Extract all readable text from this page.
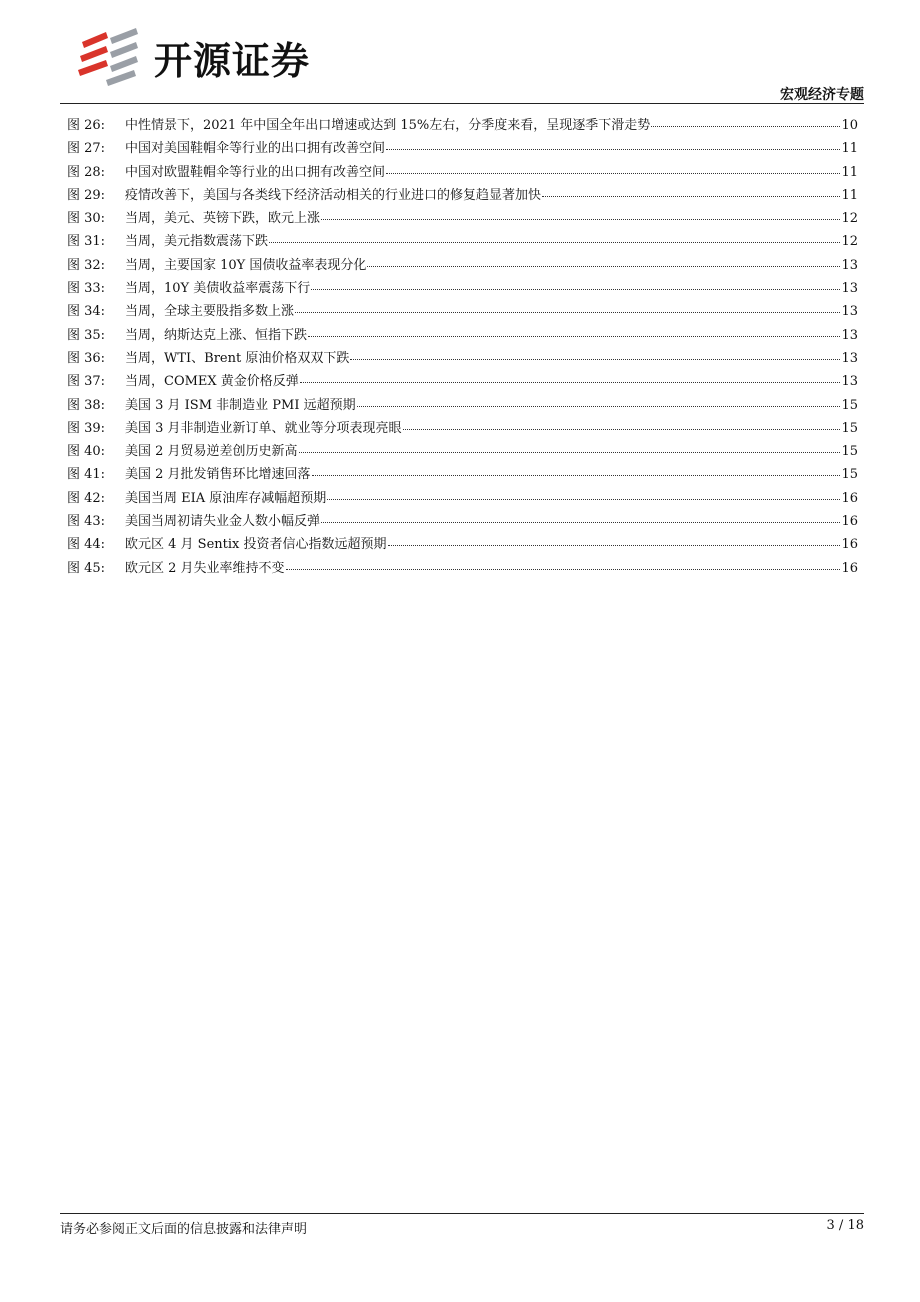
开源证券
宏观经济专题
图 26:	中性情景下，2021 年中国全年出口增速或达到 15%左右，分季度来看，呈现逐季下滑走势	10
图 27:	中国对美国鞋帽伞等行业的出口拥有改善空间	11
图 28:	中国对欧盟鞋帽伞等行业的出口拥有改善空间	11
图 29:	疫情改善下，美国与各类线下经济活动相关的行业进口的修复趋显著加快	11
图 30:	当周，美元、英镑下跌，欧元上涨	12
图 31:	当周，美元指数震荡下跌	12
图 32:	当周，主要国家 10Y 国债收益率表现分化	13
图 33:	当周，10Y 美债收益率震荡下行	13
图 34:	当周，全球主要股指多数上涨	13
图 35:	当周，纳斯达克上涨、恒指下跌	13
图 36:	当周，WTI、Brent 原油价格双双下跌	13
图 37:	当周，COMEX 黄金价格反弹	13
图 38:	美国 3 月 ISM 非制造业 PMI 远超预期	15
图 39:	美国 3 月非制造业新订单、就业等分项表现亮眼	15
图 40:	美国 2 月贸易逆差创历史新高	15
图 41:	美国 2 月批发销售环比增速回落	15
图 42:	美国当周 EIA 原油库存减幅超预期	16
图 43:	美国当周初请失业金人数小幅反弹	16
图 44:	欧元区 4 月 Sentix 投资者信心指数远超预期	16
图 45:	欧元区 2 月失业率维持不变	16
请务必参阅正文后面的信息披露和法律声明	3 / 18
